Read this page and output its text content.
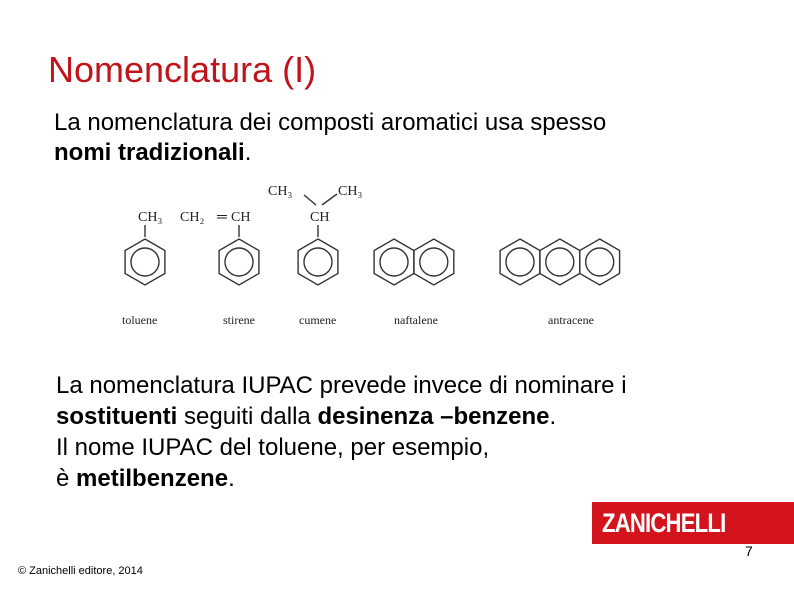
Nomenclatura (I)
La nomenclatura dei composti aromatici usa spesso
nomi tradizionali.
CH₃ CH₂ ═ CH	CH
CH₃	CH₃
toluene	stirene	cumene	naftalene	antracene
La nomenclatura IUPAC prevede invece di nominare i
sostituenti seguiti dalla desinenza –benzene.
Il nome IUPAC del toluene, per esempio,
è metilbenzene.
ZANICHELLI
7
© Zanichelli editore, 2014
